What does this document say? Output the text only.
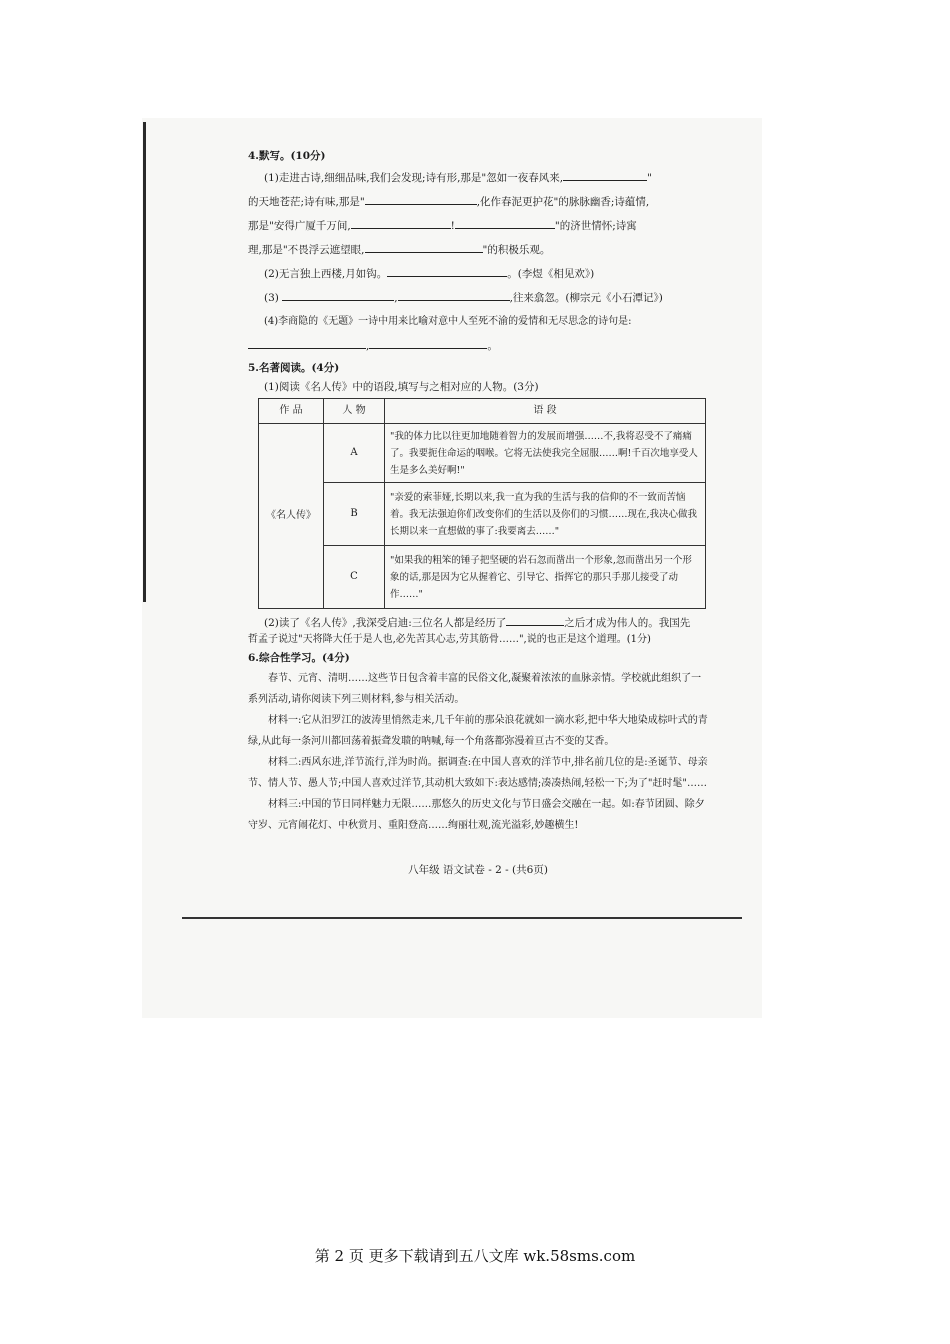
4.默写。(10分)
(1)走进古诗,细细品味,我们会发现;诗有形,那是"忽如一夜春风来,	"
的天地苍茫;诗有味,那是"	,化作春泥更护花"的脉脉幽香;诗蕴情,
那是"安得广厦千万间,	!	"的济世情怀;诗寓
理,那是"不畏浮云遮望眼,	"的积极乐观。
(2)无言独上西楼,月如钩。	。(李煜《相见欢》)
(3)	,	,往来翕忽。(柳宗元《小石潭记》)
(4)李商隐的《无题》一诗中用来比喻对意中人至死不渝的爱情和无尽思念的诗句是:
,	。
5.名著阅读。(4分)
(1)阅读《名人传》中的语段,填写与之相对应的人物。(3分)
作 品	人 物	语 段
《名人传》	A	"我的体力比以往更加地随着智力的发展而增强……不,我将忍受不了痛痛了。我要扼住命运的咽喉。它将无法使我完全屈服……啊!千百次地享受人生是多么美好啊!"
	B	"亲爱的索菲娅,长期以来,我一直为我的生活与我的信仰的不一致而苦恼着。我无法强迫你们改变你们的生活以及你们的习惯……现在,我决心做我长期以来一直想做的事了:我要离去……"
	C	"如果我的粗笨的锤子把坚硬的岩石忽而凿出一个形象,忽而凿出另一个形象的话,那是因为它从握着它、引导它、指挥它的那只手那儿接受了动作……"
(2)读了《名人传》,我深受启迪:三位名人都是经历了	之后才成为伟人的。我国先
哲孟子说过"天将降大任于是人也,必先苦其心志,劳其筋骨……",说的也正是这个道理。(1分)
6.综合性学习。(4分)
春节、元宵、清明……这些节日包含着丰富的民俗文化,凝聚着浓浓的血脉亲情。学校就此组织了一系列活动,请你阅读下列三则材料,参与相关活动。
材料一:它从汨罗江的波涛里悄然走来,几千年前的那朵浪花就如一滴水彩,把中华大地染成棕叶式的青绿,从此每一条河川都回荡着振聋发聩的呐喊,每一个角落都弥漫着亘古不变的艾香。
材料二:西风东进,洋节流行,洋为时尚。据调查:在中国人喜欢的洋节中,排名前几位的是:圣诞节、母亲节、情人节、愚人节;中国人喜欢过洋节,其动机大致如下:表达感情;凑凑热闹,轻松一下;为了"赶时髦"……
材料三:中国的节日同样魅力无限……那悠久的历史文化与节日盛会交融在一起。如:春节团圆、除夕守岁、元宵闹花灯、中秋赏月、重阳登高……绚丽壮观,流光溢彩,妙趣横生!
八年级 语文试卷 - 2 - (共6页)
第 2 页 更多下载请到五八文库 wk.58sms.com
